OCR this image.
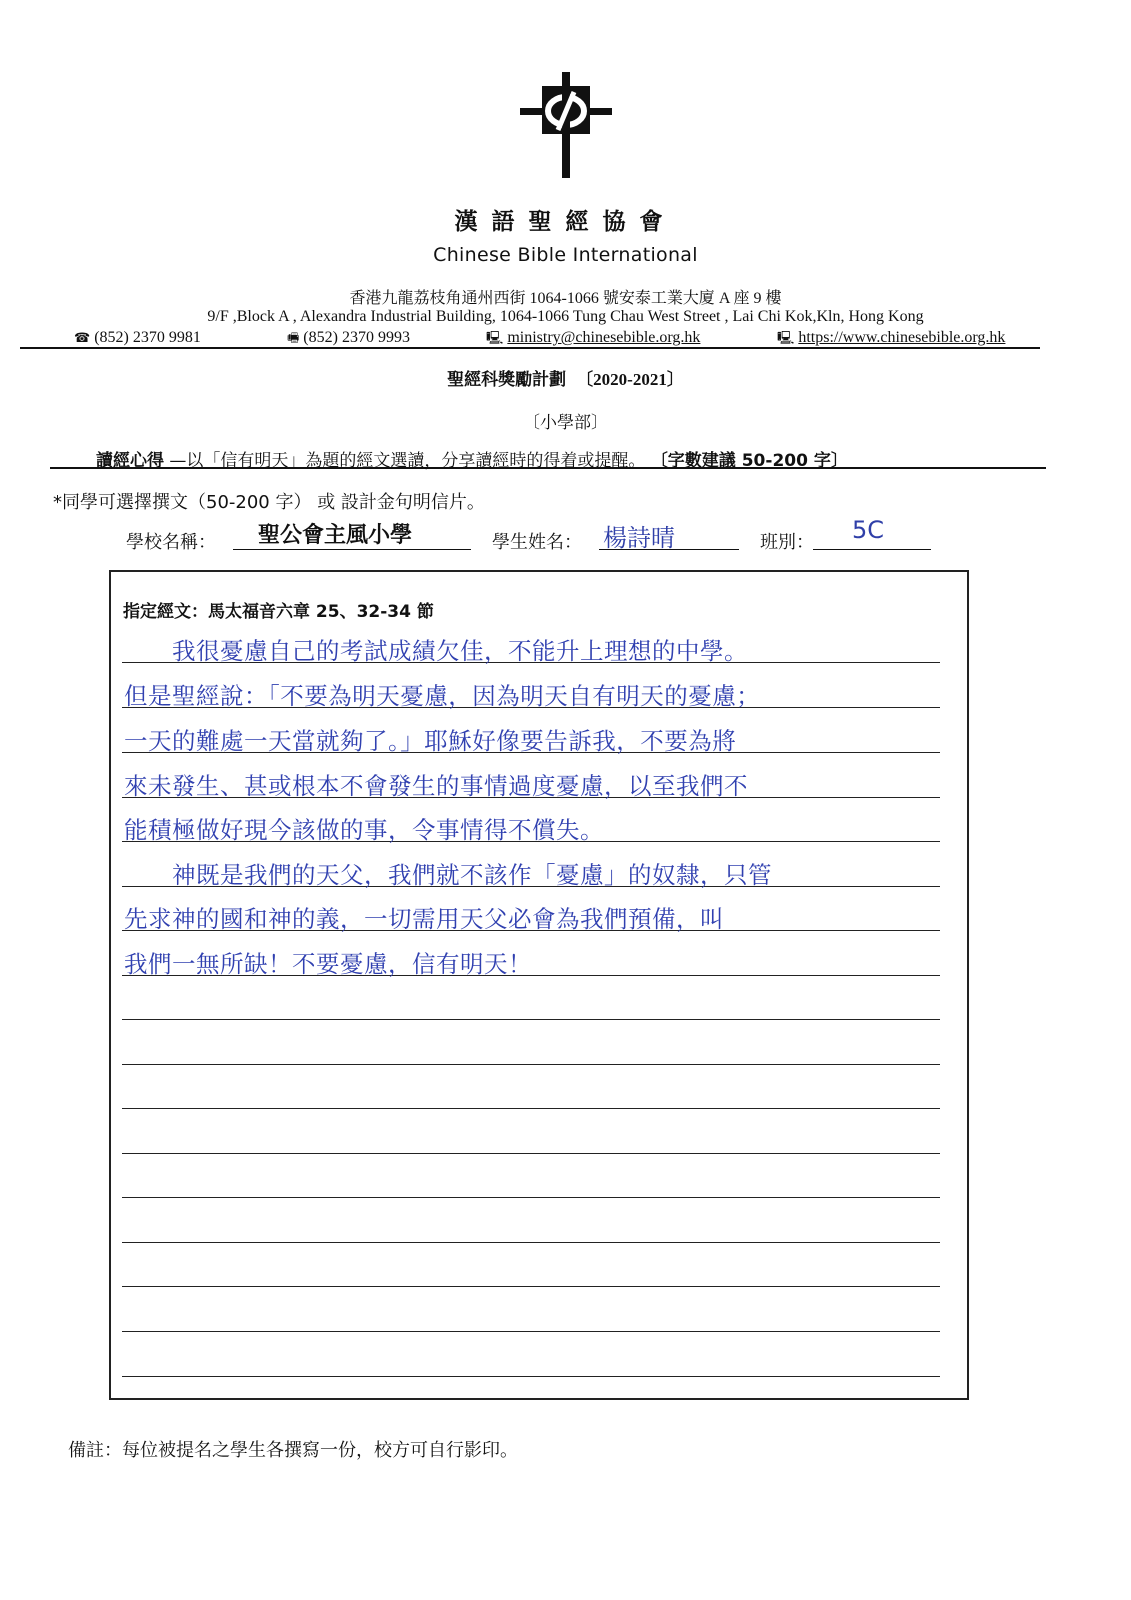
漢語聖經協會
Chinese Bible International
香港九龍荔枝角通州西街 1064-1066 號安泰工業大廈 A 座 9 樓
9/F ,Block A , Alexandra Industrial Building, 1064-1066 Tung Chau West Street , Lai Chi Kok,Kln, Hong Kong
☎ (852) 2370 9981	🖷 (852) 2370 9993	🖳 ministry@chinesebible.org.hk	🖳 https://www.chinesebible.org.hk
聖經科獎勵計劃 〔2020-2021〕
〔小學部〕
讀經心得 —以「信有明天」為題的經文選讀，分享讀經時的得着或提醒。 〔字數建議 50-200 字〕
*同學可選擇撰文（50-200 字） 或 設計金句明信片。
學校名稱： 聖公會主風小學	學生姓名： 楊詩晴	班別： 5C
指定經文：馬太福音六章 25、32-34 節
　　我很憂慮自己的考試成績欠佳，不能升上理想的中學。
但是聖經說：「不要為明天憂慮，因為明天自有明天的憂慮；
一天的難處一天當就夠了。」耶穌好像要告訴我，不要為將
來未發生、甚或根本不會發生的事情過度憂慮，以至我們不
能積極做好現今該做的事，令事情得不償失。
　　神既是我們的天父，我們就不該作「憂慮」的奴隸，只管
先求神的國和神的義，一切需用天父必會為我們預備，叫
我們一無所缺！不要憂慮，信有明天！
備註：每位被提名之學生各撰寫一份，校方可自行影印。
